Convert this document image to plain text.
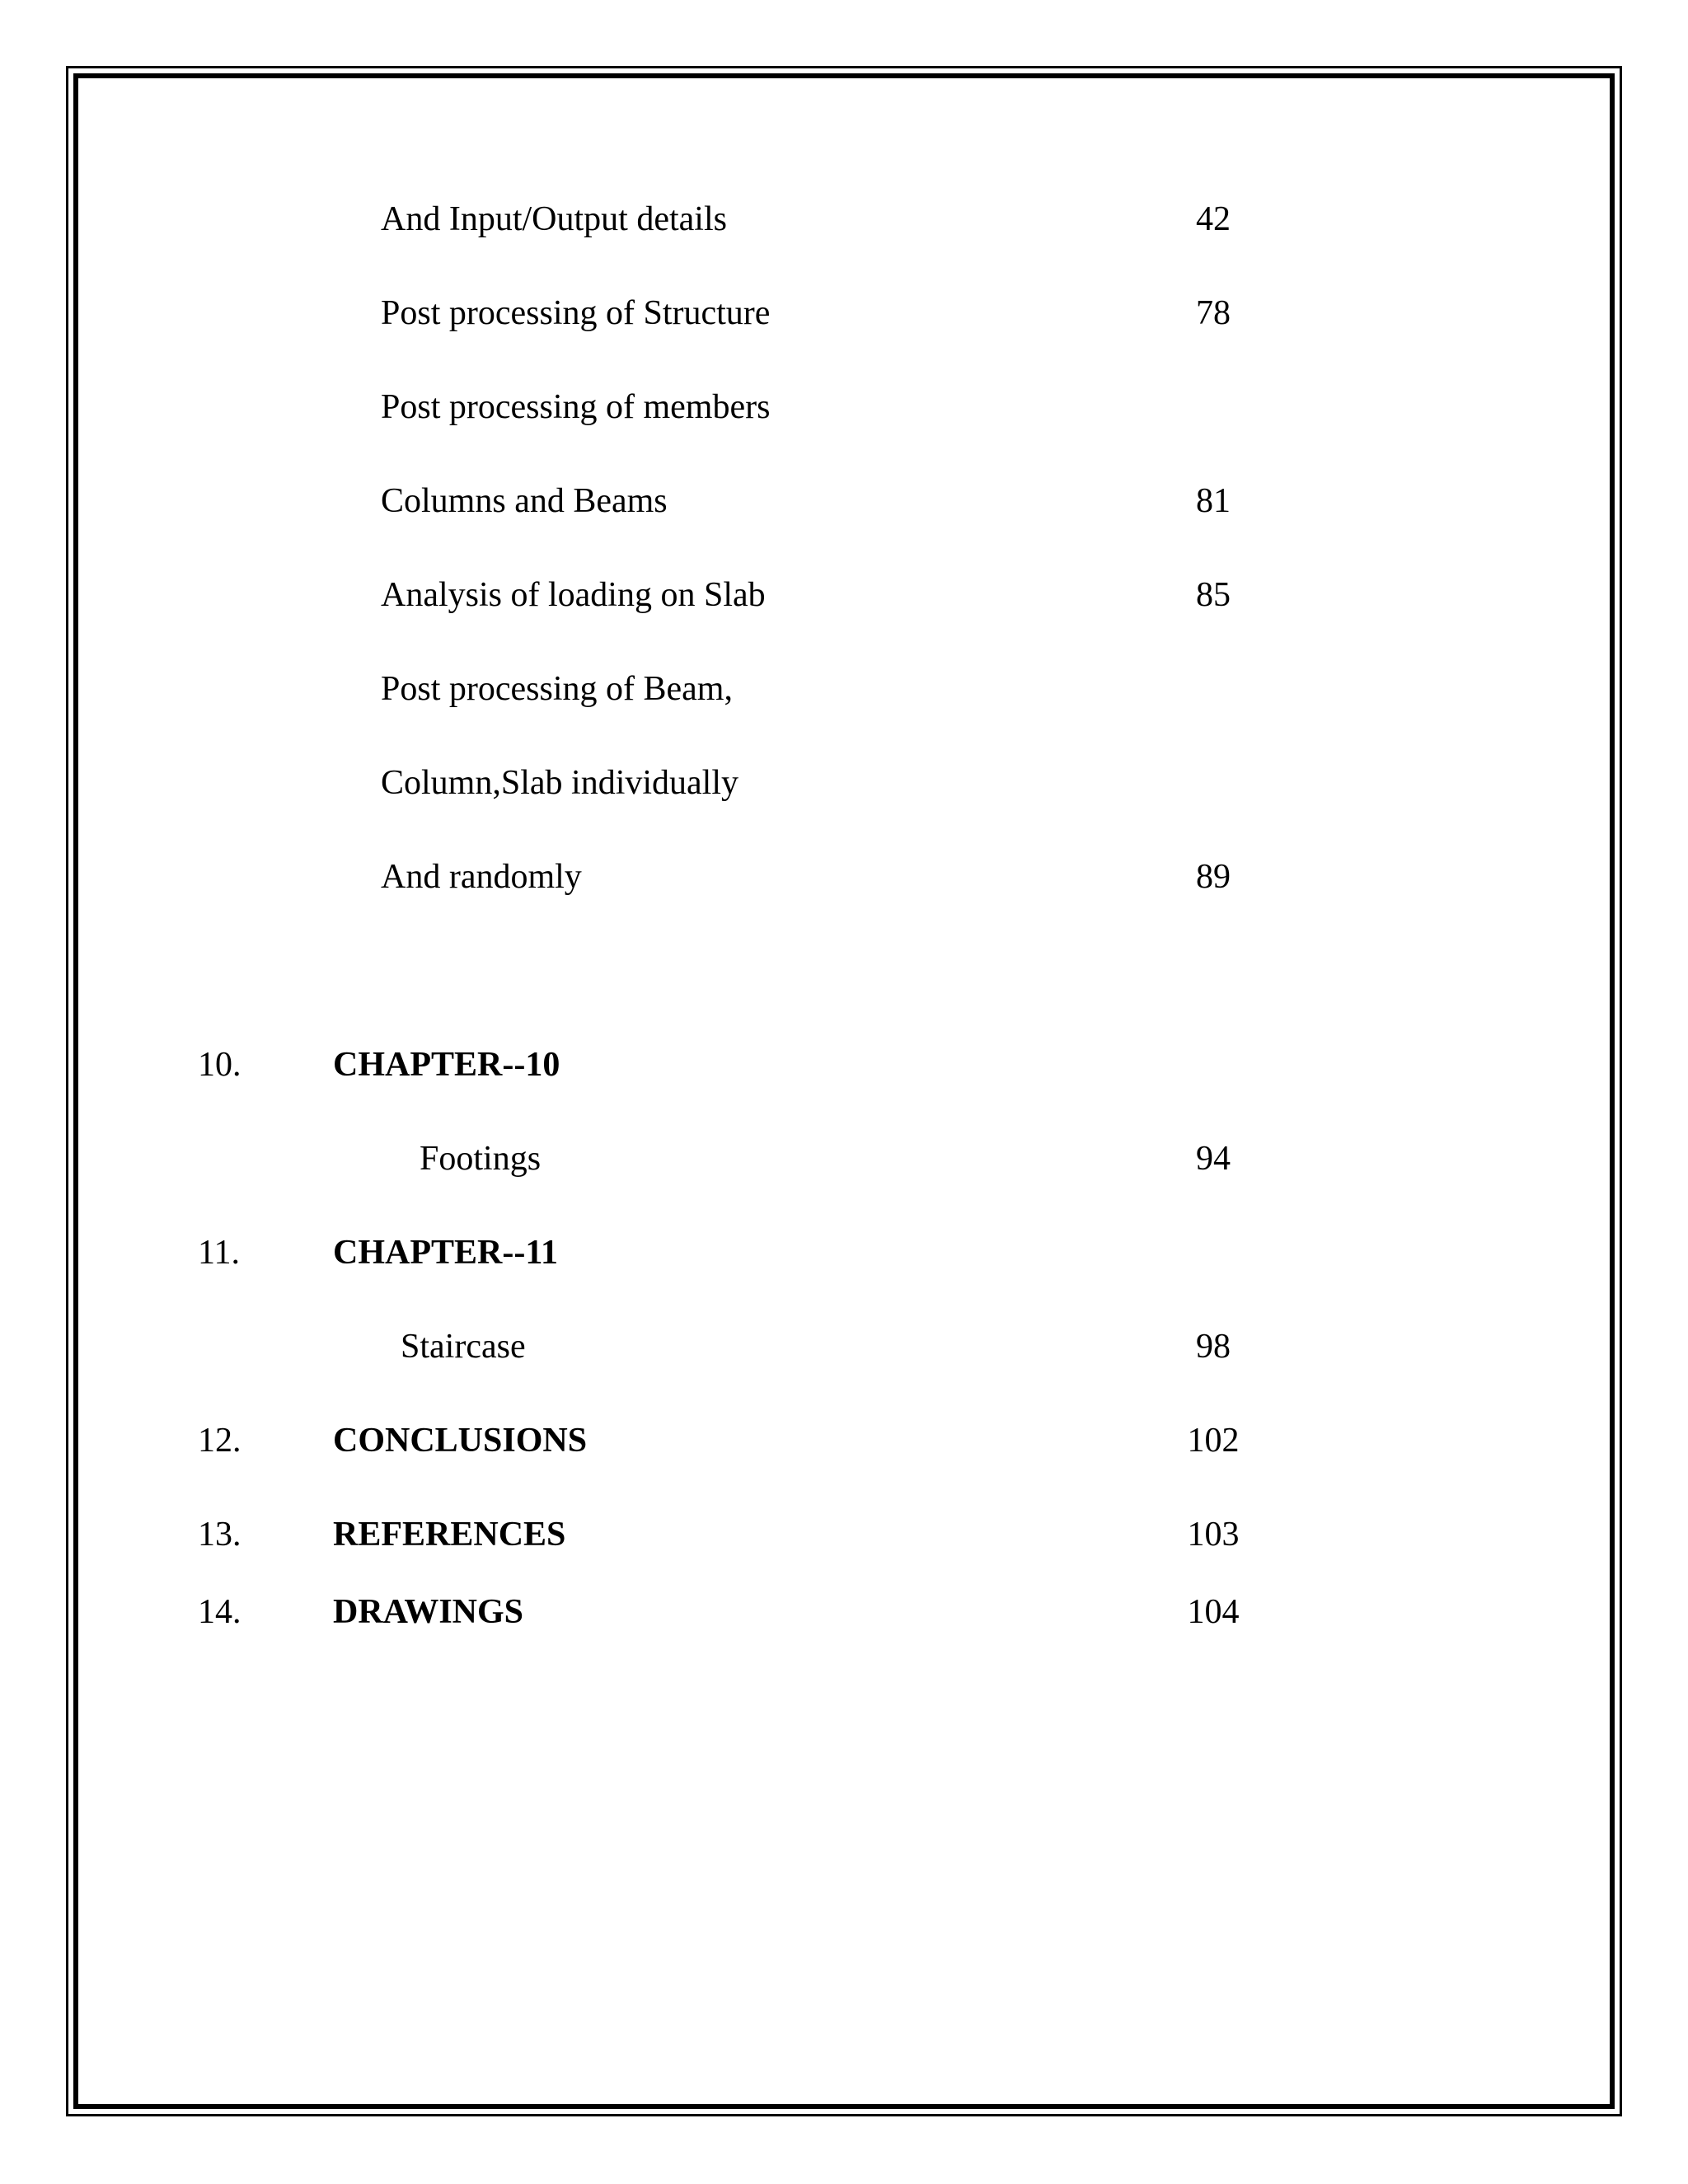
And Input/Output details	42
Post processing of Structure	78
Post processing of members
Columns and Beams	81
Analysis of loading on Slab	85
Post processing of Beam,
Column,Slab individually
And randomly	89
10.	CHAPTER--10
Footings	94
11.	CHAPTER--11
Staircase	98
12.	CONCLUSIONS	102
13.	REFERENCES	103
14.	DRAWINGS	104
